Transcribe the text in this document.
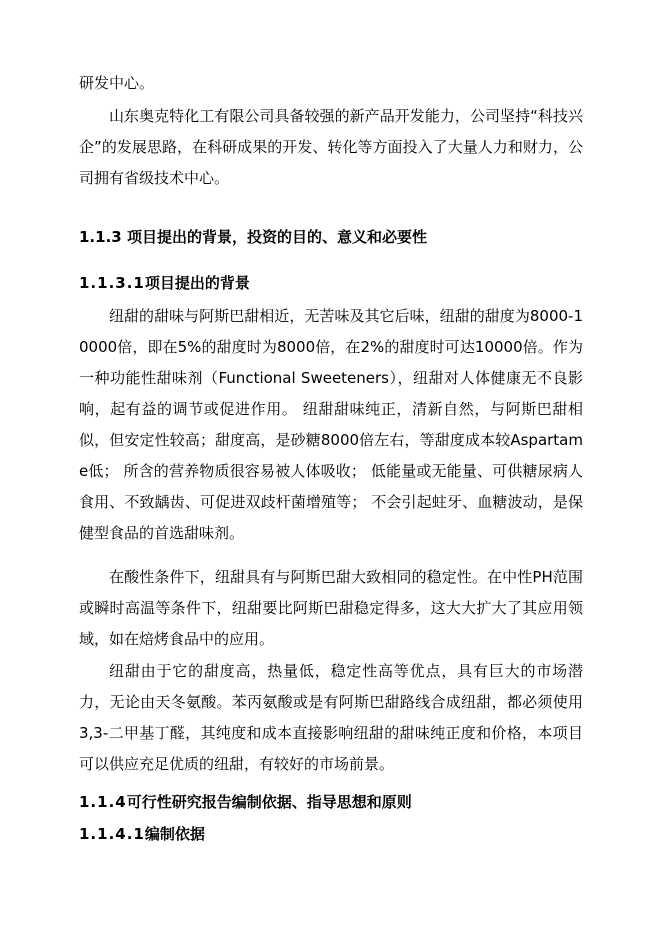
研发中心。

山东奥克特化工有限公司具备较强的新产品开发能力，公司坚持“科技兴企”的发展思路，在科研成果的开发、转化等方面投入了大量人力和财力，公司拥有省级技术中心。

1.1.3 项目提出的背景，投资的目的、意义和必要性

1.1.3.1项目提出的背景

纽甜的甜味与阿斯巴甜相近，无苦味及其它后味，纽甜的甜度为8000-10000倍，即在5%的甜度时为8000倍，在2%的甜度时可达10000倍。作为一种功能性甜味剂（Functional Sweeteners），纽甜对人体健康无不良影响，起有益的调节或促进作用。 纽甜甜味纯正，清新自然，与阿斯巴甜相似，但安定性较高；甜度高，是砂糖8000倍左右，等甜度成本较Aspartame低； 所含的营养物质很容易被人体吸收； 低能量或无能量、可供糖尿病人食用、不致龋齿、可促进双歧杆菌增殖等； 不会引起蛀牙、血糖波动，是保健型食品的首选甜味剂。

在酸性条件下，纽甜具有与阿斯巴甜大致相同的稳定性。在中性PH范围或瞬时高温等条件下，纽甜要比阿斯巴甜稳定得多，这大大扩大了其应用领域，如在焙烤食品中的应用。

纽甜由于它的甜度高，热量低，稳定性高等优点，具有巨大的市场潜力，无论由天冬氨酸。苯丙氨酸或是有阿斯巴甜路线合成纽甜，都必须使用3,3-二甲基丁醛，其纯度和成本直接影响纽甜的甜味纯正度和价格，本项目可以供应充足优质的纽甜，有较好的市场前景。

1.1.4可行性研究报告编制依据、指导思想和原则

1.1.4.1编制依据
